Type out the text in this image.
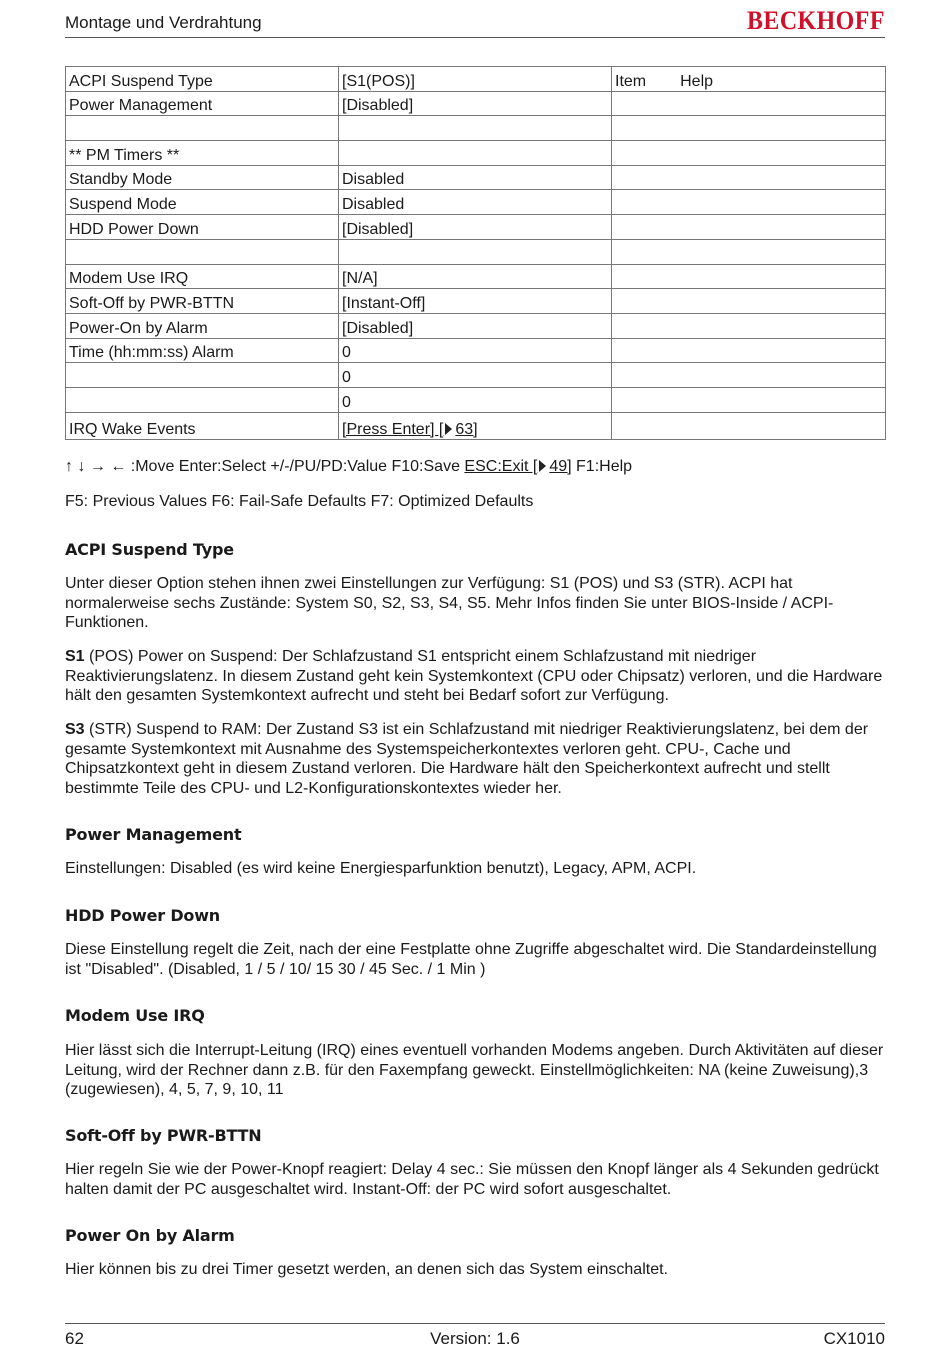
Montage und Verdrahtung	BECKHOFF
ACPI Suspend Type	[S1(POS)]	Item Help
Power Management	[Disabled]	

** PM Timers **		
Standby Mode	Disabled	
Suspend Mode	Disabled	
HDD Power Down	[Disabled]	

Modem Use IRQ	[N/A]	
Soft-Off by PWR-BTTN	[Instant-Off]	
Power-On by Alarm	[Disabled]	
Time (hh:mm:ss) Alarm	0	
	0	
	0	
IRQ Wake Events	[Press Enter] [ 63]	
↑ ↓ → ← :Move Enter:Select +/-/PU/PD:Value F10:Save ESC:Exit [ 49] F1:Help
F5: Previous Values F6: Fail-Safe Defaults F7: Optimized Defaults
ACPI Suspend Type

Unter dieser Option stehen ihnen zwei Einstellungen zur Verfügung: S1 (POS) und S3 (STR). ACPI hat normalerweise sechs Zustände: System S0, S2, S3, S4, S5. Mehr Infos finden Sie unter BIOS-Inside / ACPI-Funktionen.

S1 (POS) Power on Suspend: Der Schlafzustand S1 entspricht einem Schlafzustand mit niedriger Reaktivierungslatenz. In diesem Zustand geht kein Systemkontext (CPU oder Chipsatz) verloren, und die Hardware hält den gesamten Systemkontext aufrecht und steht bei Bedarf sofort zur Verfügung.

S3 (STR) Suspend to RAM: Der Zustand S3 ist ein Schlafzustand mit niedriger Reaktivierungslatenz, bei dem der gesamte Systemkontext mit Ausnahme des Systemspeicherkontextes verloren geht. CPU-, Cache und Chipsatzkontext geht in diesem Zustand verloren. Die Hardware hält den Speicherkontext aufrecht und stellt bestimmte Teile des CPU- und L2-Konfigurationskontextes wieder her.

Power Management

Einstellungen: Disabled (es wird keine Energiesparfunktion benutzt), Legacy, APM, ACPI.

HDD Power Down

Diese Einstellung regelt die Zeit, nach der eine Festplatte ohne Zugriffe abgeschaltet wird. Die Standardeinstellung ist "Disabled". (Disabled, 1 / 5 / 10/ 15 30 / 45 Sec. / 1 Min )

Modem Use IRQ

Hier lässt sich die Interrupt-Leitung (IRQ) eines eventuell vorhanden Modems angeben. Durch Aktivitäten auf dieser Leitung, wird der Rechner dann z.B. für den Faxempfang geweckt. Einstellmöglichkeiten: NA (keine Zuweisung),3 (zugewiesen), 4, 5, 7, 9, 10, 11

Soft-Off by PWR-BTTN

Hier regeln Sie wie der Power-Knopf reagiert: Delay 4 sec.: Sie müssen den Knopf länger als 4 Sekunden gedrückt halten damit der PC ausgeschaltet wird. Instant-Off: der PC wird sofort ausgeschaltet.

Power On by Alarm

Hier können bis zu drei Timer gesetzt werden, an denen sich das System einschaltet.

62	Version: 1.6	CX1010
